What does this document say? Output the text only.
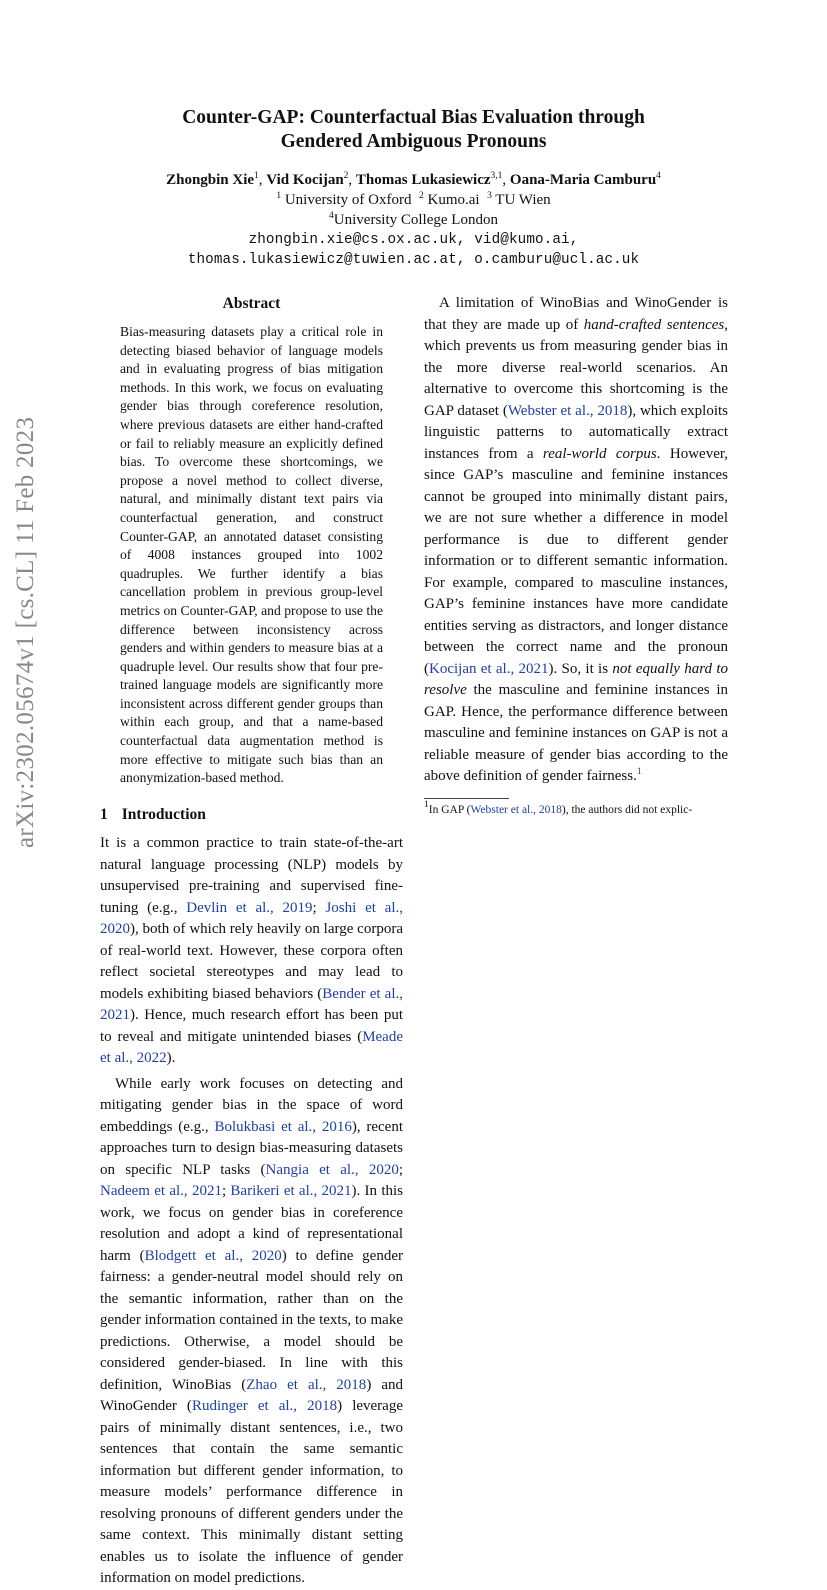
arXiv:2302.05674v1 [cs.CL] 11 Feb 2023
Counter-GAP: Counterfactual Bias Evaluation through
Gendered Ambiguous Pronouns
Zhongbin Xie$^1$, Vid Kocijan$^2$, Thomas Lukasiewicz$^{3,1}$, Oana-Maria Camburu$^4$
$^1$ University of Oxford $^2$ Kumo.ai $^3$ TU Wien
$^4$University College London
zhongbin.xie@cs.ox.ac.uk, vid@kumo.ai,
thomas.lukasiewicz@tuwien.ac.at, o.camburu@ucl.ac.uk
Abstract

Bias-measuring datasets play a critical role in detecting biased behavior of language models and in evaluating progress of bias mitigation methods. In this work, we focus on evaluating gender bias through coreference resolution, where previous datasets are either hand-crafted or fail to reliably measure an explicitly defined bias. To overcome these shortcomings, we propose a novel method to collect diverse, natural, and minimally distant text pairs via counterfactual generation, and construct Counter-GAP, an annotated dataset consisting of 4008 instances grouped into 1002 quadruples. We further identify a bias cancellation problem in previous group-level metrics on Counter-GAP, and propose to use the difference between inconsistency across genders and within genders to measure bias at a quadruple level. Our results show that four pre-trained language models are significantly more inconsistent across different gender groups than within each group, and that a name-based counterfactual data augmentation method is more effective to mitigate such bias than an anonymization-based method.

1 Introduction

It is a common practice to train state-of-the-art natural language processing (NLP) models by unsupervised pre-training and supervised fine-tuning (e.g., Devlin et al., 2019; Joshi et al., 2020), both of which rely heavily on large corpora of real-world text. However, these corpora often reflect societal stereotypes and may lead to models exhibiting biased behaviors (Bender et al., 2021). Hence, much research effort has been put to reveal and mitigate unintended biases (Meade et al., 2022).

While early work focuses on detecting and mitigating gender bias in the space of word embeddings (e.g., Bolukbasi et al., 2016), recent approaches turn to design bias-measuring datasets on specific NLP tasks (Nangia et al., 2020; Nadeem et al., 2021; Barikeri et al., 2021). In this work, we focus on gender bias in coreference resolution and adopt a kind of representational harm (Blodgett et al., 2020) to define gender fairness: a gender-neutral model should rely on the semantic information, rather than on the gender information contained in the texts, to make predictions. Otherwise, a model should be considered gender-biased. In line with this definition, WinoBias (Zhao et al., 2018) and WinoGender (Rudinger et al., 2018) leverage pairs of minimally distant sentences, i.e., two sentences that contain the same semantic information but different gender information, to measure models’ performance difference in resolving pronouns of different genders under the same context. This minimally distant setting enables us to isolate the influence of gender information on model predictions.

A limitation of WinoBias and WinoGender is that they are made up of hand-crafted sentences, which prevents us from measuring gender bias in the more diverse real-world scenarios. An alternative to overcome this shortcoming is the GAP dataset (Webster et al., 2018), which exploits linguistic patterns to automatically extract instances from a real-world corpus. However, since GAP’s masculine and feminine instances cannot be grouped into minimally distant pairs, we are not sure whether a difference in model performance is due to different gender information or to different semantic information. For example, compared to masculine instances, GAP’s feminine instances have more candidate entities serving as distractors, and longer distance between the correct name and the pronoun (Kocijan et al., 2021). So, it is not equally hard to resolve the masculine and feminine instances in GAP. Hence, the performance difference between masculine and feminine instances on GAP is not a reliable measure of gender bias according to the above definition of gender fairness.$^1$

$^1$In GAP (Webster et al., 2018), the authors did not explic-
